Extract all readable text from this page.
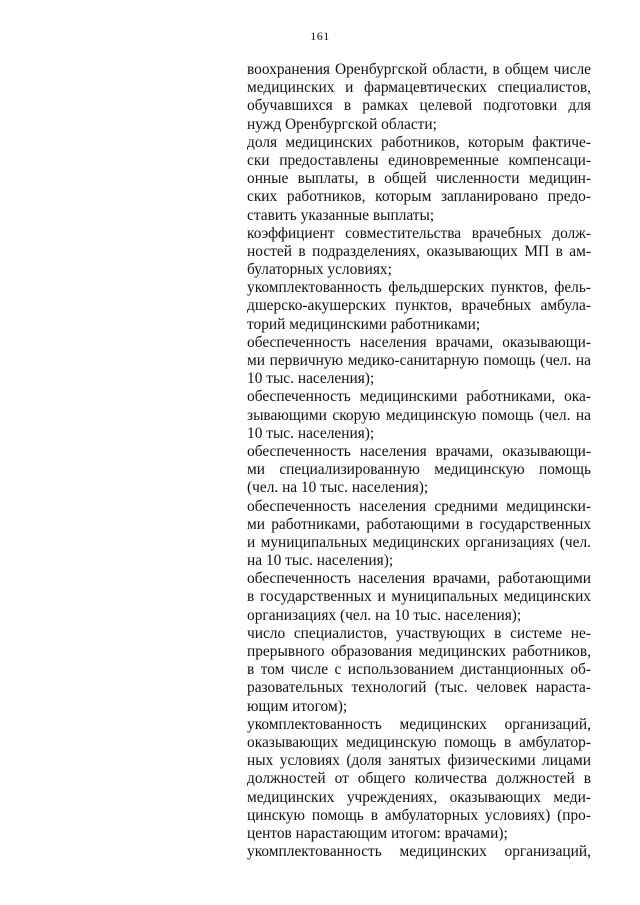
161
воохранения Оренбургской области, в общем числе
медицинских и фармацевтических специалистов,
обучавшихся в рамках целевой подготовки для
нужд Оренбургской области;
доля медицинских работников, которым фактиче-
ски предоставлены единовременные компенсаци-
онные выплаты, в общей численности медицин-
ских работников, которым запланировано предо-
ставить указанные выплаты;
коэффициент совместительства врачебных долж-
ностей в подразделениях, оказывающих МП в ам-
булаторных условиях;
укомплектованность фельдшерских пунктов, фель-
дшерско-акушерских пунктов, врачебных амбула-
торий медицинскими работниками;
обеспеченность населения врачами, оказывающи-
ми первичную медико-санитарную помощь (чел. на
10 тыс. населения);
обеспеченность медицинскими работниками, ока-
зывающими скорую медицинскую помощь (чел. на
10 тыс. населения);
обеспеченность населения врачами, оказывающи-
ми специализированную медицинскую помощь
(чел. на 10 тыс. населения);
обеспеченность населения средними медицински-
ми работниками, работающими в государственных
и муниципальных медицинских организациях (чел.
на 10 тыс. населения);
обеспеченность населения врачами, работающими
в государственных и муниципальных медицинских
организациях (чел. на 10 тыс. населения);
число специалистов, участвующих в системе не-
прерывного образования медицинских работников,
в том числе с использованием дистанционных об-
разовательных технологий (тыс. человек нараста-
ющим итогом);
укомплектованность медицинских организаций,
оказывающих медицинскую помощь в амбулатор-
ных условиях (доля занятых физическими лицами
должностей от общего количества должностей в
медицинских учреждениях, оказывающих меди-
цинскую помощь в амбулаторных условиях) (про-
центов нарастающим итогом: врачами);
укомплектованность медицинских организаций,
